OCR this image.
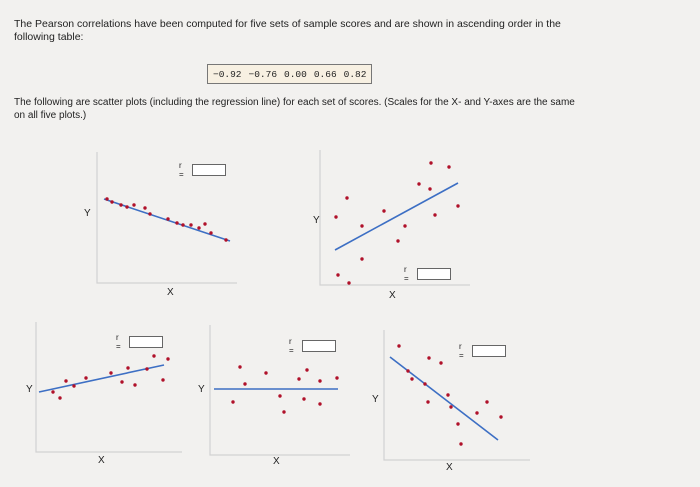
The Pearson correlations have been computed for five sets of sample scores and are shown in ascending order in the following table:
−0.92 −0.76 0.00 0.66 0.82
The following are scatter plots (including the regression line) for each set of scores. (Scales for the X- and Y-axes are the same on all five plots.)
Y
X
r =
Y
X
r =
Y
X
r =
Y
X
r =
Y
X
r =
